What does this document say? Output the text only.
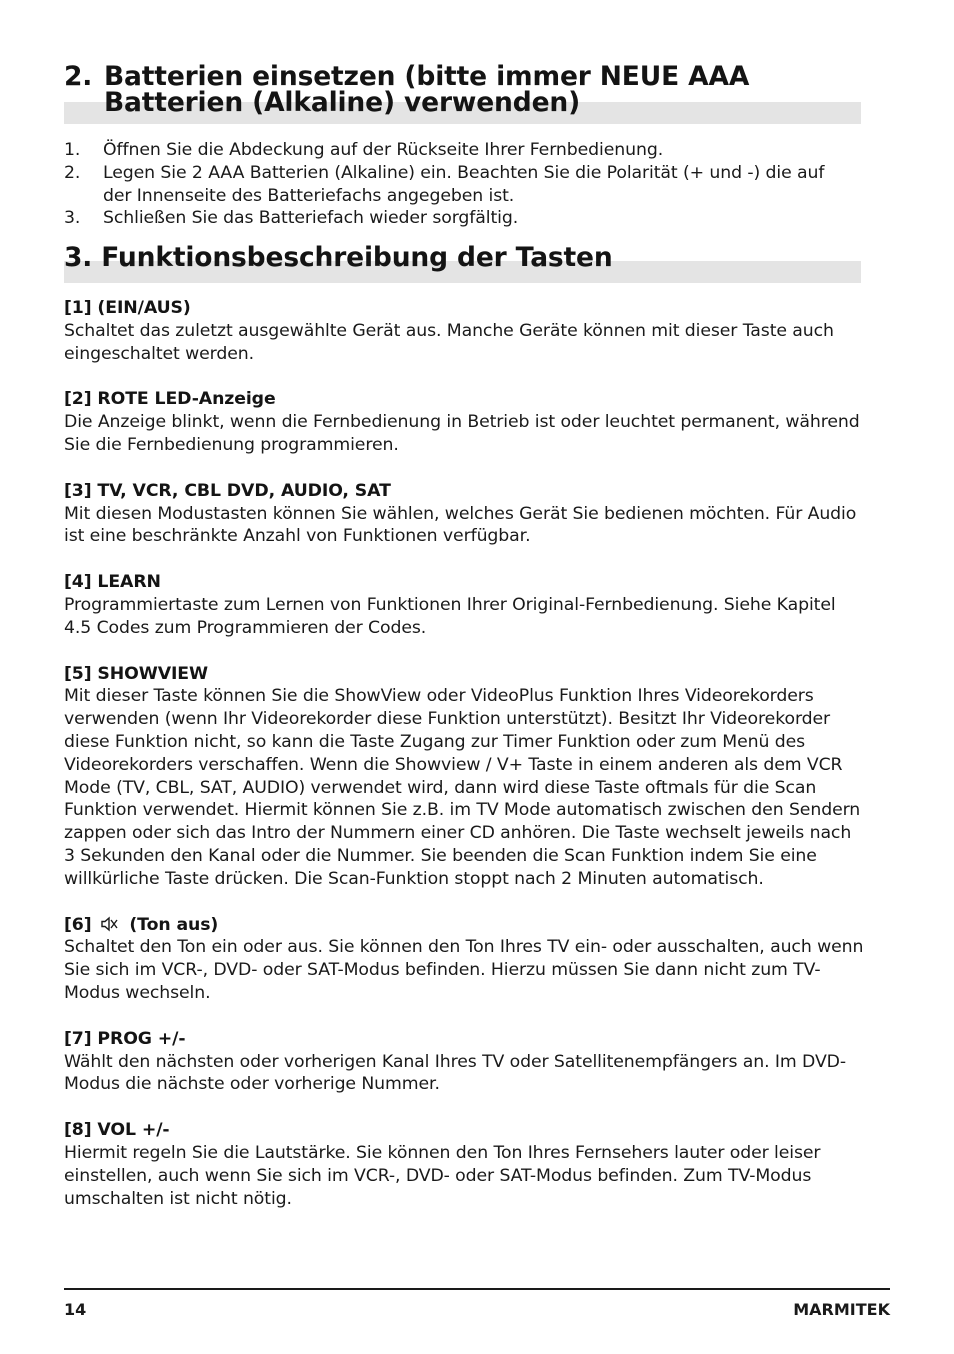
2. Batterien einsetzen (bitte immer NEUE AAA Batterien (Alkaline) verwenden)
1. Öffnen Sie die Abdeckung auf der Rückseite Ihrer Fernbedienung.
2. Legen Sie 2 AAA Batterien (Alkaline) ein. Beachten Sie die Polarität (+ und -) die auf der Innenseite des Batteriefachs angegeben ist.
3. Schließen Sie das Batteriefach wieder sorgfältig.
3. Funktionsbeschreibung der Tasten
[1] (EIN/AUS)
Schaltet das zuletzt ausgewählte Gerät aus. Manche Geräte können mit dieser Taste auch eingeschaltet werden.
[2] ROTE LED-Anzeige
Die Anzeige blinkt, wenn die Fernbedienung in Betrieb ist oder leuchtet permanent, während Sie die Fernbedienung programmieren.
[3] TV, VCR, CBL DVD, AUDIO, SAT
Mit diesen Modustasten können Sie wählen, welches Gerät Sie bedienen möchten. Für Audio ist eine beschränkte Anzahl von Funktionen verfügbar.
[4] LEARN
Programmiertaste zum Lernen von Funktionen Ihrer Original-Fernbedienung. Siehe Kapitel 4.5 Codes zum Programmieren der Codes.
[5] SHOWVIEW
Mit dieser Taste können Sie die ShowView oder VideoPlus Funktion Ihres Videorekorders verwenden (wenn Ihr Videorekorder diese Funktion unterstützt). Besitzt Ihr Videorekorder diese Funktion nicht, so kann die Taste Zugang zur Timer Funktion oder zum Menü des Videorekorders verschaffen. Wenn die Showview / V+ Taste in einem anderen als dem VCR Mode (TV, CBL, SAT, AUDIO) verwendet wird, dann wird diese Taste oftmals für die Scan Funktion verwendet. Hiermit können Sie z.B. im TV Mode automatisch zwischen den Sendern zappen oder sich das Intro der Nummern einer CD anhören. Die Taste wechselt jeweils nach 3 Sekunden den Kanal oder die Nummer. Sie beenden die Scan Funktion indem Sie eine willkürliche Taste drücken. Die Scan-Funktion stoppt nach 2 Minuten automatisch.
[6] (Ton aus)
Schaltet den Ton ein oder aus. Sie können den Ton Ihres TV ein- oder ausschalten, auch wenn Sie sich im VCR-, DVD- oder SAT-Modus befinden. Hierzu müssen Sie dann nicht zum TV-Modus wechseln.
[7] PROG +/-
Wählt den nächsten oder vorherigen Kanal Ihres TV oder Satellitenempfängers an. Im DVD-Modus die nächste oder vorherige Nummer.
[8] VOL +/-
Hiermit regeln Sie die Lautstärke. Sie können den Ton Ihres Fernsehers lauter oder leiser einstellen, auch wenn Sie sich im VCR-, DVD- oder SAT-Modus befinden. Zum TV-Modus umschalten ist nicht nötig.
14	MARMITEK
